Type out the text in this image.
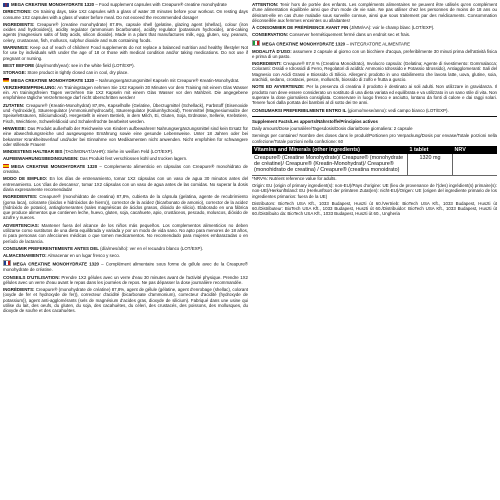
MEGA CREATINE MONOHYDRATE 1320 – Food supplement capsules with Creapure® creatine monohydrate

DIRECTIONS: On training days, take 1X2 capsules with a glass of water 30 minutes before your workout. On resting days consume 1X2 capsules with a glass of water before meal. Do not exceed the recommended dosage!

INGREDIENTS: Creapure® (creatine monohydrate) 87.8%, capsule shell (gelatine, glazing agent (shellac), colour (iron oxides and hydroxides)), acidity regulator (ammonium bicarbonate), acidity regulator (potassium hydroxide), anti-caking agents (magnesium salts of fatty acids, silicon dioxide). Made in a plant that manufactures milk, egg, gluten, soy, peanuts, celery, crustacean, fish, molluscs, sulphur dioxide and nuts containing foods.

WARNINGS: Keep out of reach of children! Food supplements do not replace a balanced nutrition and healthy lifestyle! Not for use by individuals with under the age of 18 or those with medical condition and/or taking medications. Do not use if pregnant or nursing.

BEST BEFORE (day/month/year): see in the white field (LOT/EXP).

STORAGE: Store product in tightly closed can in cool, dry place.

MEGA CREATINE MONOHYDRATE 1320 – Nahrungsergänzungsmittel Kapseln mit Creapure® Kreatin-Monohydrat.

VERZEHREMPFEHLUNG: An Trainingstagen nehmen Sie 1X2 Kapseln 30 Minuten vor dem Training mit einem Glas Wasser ein. An trainingsfreien Tagen verzehren Sie 1X2 Kapseln mit einem Glas Wasser vor den Mahlzeit. Die angegebene empfohlene tägliche Verzehrmenge darf nicht überschritten werden!

ZUTATEN: Creapure® (Kreatin-Monohydrat) 87,8%, Kapselhülle (Gelatine, Überzugmittel (Schellack), Farbstoff (Eisenoxide und -hydroxide)), Säureregulator (Ammoniumhydrocarb), Säureregulator (Kaliumhydroxid), Trennmittel (Magnesiumsalze der Speisefettsäuren, Siliciumdioxid). Hergestellt in einem Betrieb, in dem Milch, Ei, Gluten, Soja, Erdnüsse, Sellerie, Krebstiere, Fisch, Weichtiere, Schwefeldioxid und Schalenfrüchte bearbeitet werden.

HINWEISE: Das Produkt außerhalb der Reichweite von Kindern aufbewahren! Nahrungsergänzungsmittel sind kein Ersatz für eine abwechslungsreiche und ausgewogene Ernährung sowie eine gesunde Lebensweise. Unter 18 Jahren oder bei bekannter Krankheitsverlauf und/oder bei Einnahme von Medikamenten nicht anwenden. Nicht empfohlen für schwangere oder stillende Frauen!

MINDESTENS HALTBAR BIS (TAG/MONAT/JAHR): Siehe im weißen Feld (LOT/EXP).

AUFBEWAHRUNGSBEDINGUNGEN: Das Produkt fest verschlossen kühl und trocken lagern.

MEGA CREATINE MONOHYDRATE 1320 – Complemento alimenticio en cápsulas con Creapure® monohidrato de creatina.

MODO DE EMPLEO: En los días de entrenamiento, tomar 1X2 cápsulas con un vaso de agua 30 minutos antes del entrenamiento. Los ‘días de descanso’, tomar 1X2 cápsulas con un vaso de agua antes de las comidas. No superar la dosis diaria expresamente recomendada!

INGREDIENTES: Creapure® (monohidrato de creatina) 87,8%, cubierta de la cápsula (gelatina, agente de recubrimiento (goma laca), colorante (óxidos e hidróxidos de hierro)), corrector de la acidez (bicarbonato de amonio), corrector de la acidez (hidróxido de potasio), antiaglomerantes (sales magnésicas de ácidos grasos, dióxido de silicio). Elaborado en una fábrica que produce alimentos que contienen leche, huevo, gluten, soja, cacahuete, apio, crustáceos, pescado, moluscos, dióxido de azufre y nueces.

ADVERTENCIAS: Mantener fuera del alcance de los niños más pequeños. Los complementos alimenticios no deben utilizarse como sustitutos de una dieta equilibrada y variada y por un modo de vida sano. No apto para menores de 18 años, ni para personas con afecciones médicas o que tomen medicamentos. No recomendado para mujeres embarazadas o en período de lactancia.

CONSUMIR PREFERENTEMENTE ANTES DEL (día/mes/año): ver en el recuadro blanco (LOT/EXP).

ALMACENAMIENTO: Almacenar en un lugar fresco y seco.

MEGA CREATINE MONOHYDRATE 1320 – Complément alimentaire sous forme de gélule avec de la Creapure® monohydrate de créatine.

CONSEILS D'UTILISATION: Prendre 1X2 gélules avec un verre d'eau 30 minutes avant de l'activité physique. Prendre 1X2 gélules avec un verre d'eau avant le repas dans les journées de repos. Ne pas dépasser la dose journalière recommandée.

INGRÉDIENTS: Creapure® (monohydrate de créatine) 87,8%, agent de gélule (gélatine, agent d'enrobage (shellac), colorant (oxyde de fer et hydroxyde de fer)), correcteur d'acidité (bicarbonate d'ammonium), correcteur d'acidité (hydroxyde de potassium)), agent anti-agglomérants (sels de magnésium d'acides gras, dioxyde de silicium). Fabriqué dans une usine qui utilise du lait, des oeufs, du gluten, du soja, des cacahuètes, du céleri, des crustacés, des poissons, des mollusques, du dioxyde de soufre et des cacahuètes.

ATTENTION: Tenir hors de portée des enfants. Les compléments alimentaires ne peuvent être utilisés qu'en complément d'une alimentation équilibrée ainsi que d'un mode de vie sain. Ne pas utiliser chez les personnes de moins de 18 ans ou désirant-elle en cas d'une maladie sous surveille connue, ainsi que sous traitement par des médicaments. Consommation déconseillée aux femmes enceintes ou allaitantes!

À CONSOMMER DE PRÉFÉRENCE AVANT FIN (J/MM/AA): voir le champ blanc (LOT/EXP).

CONSERVATION: Conserver hermétiquement fermé dans un endroit sec et frais.

MEGA CREATINE MONOHYDRATE 1320 – INTEGRATORE ALIMENTARE

MODALITÀ D'USO: assumere 2 capsule al giorno con un bicchiere d'acqua, preferibilmente 30 minuti prima dell'attività fisica e prima di un pasto.

INGREDIENTI: Creapure® 87,8 % (Creatina Monoidrato), Involucro capsula: (Gelatina; Agente di rivestimento: Gommalacca; Coloranti: Ossidi e Idrossidi di Ferro, Regolatori di acidità: Ammonio Idrossido e Potassio Idrossido), Antiagglomeranti: Sali del Magnesio con Acidi Grassi e Biossido di Silicio. Allergeni: prodotto in uno stabilimento che lavora latte, uova, glutine, soia, arachidi, sedano, crostacei, pesce, molluschi, biossido di zolfo e frutta a guscio.

NOTE ED AVVERTENZE: Per la presenza di creatina il prodotto è destinato ai soli adulti. Non utilizzare in gravidanza. Il prodotto non deve essere considerato un sostituto di una dieta variata ed equilibrata e va utilizzato in un sano stile di vita. Non superare la dose giornaliera consigliata. Conservare in luogo fresco e asciutto, lontano da fonti di calore e dai raggi solari. Tenere fuori dalla portata dei bambini al di sotto dei tre anni.

CONSUMARSI PREFERIBILMENTE ENTRO IL (giorno/mese/anno): vedi campo bianco (LOT/EXP).

Supplement Facts/Les apports/Nährstoffe/Principios activos

Daily amount/Dose journalière/Tagesdosis/Dosis diaria/Dose giornaliera: 2 capsule

Servings per container/ Nombre des doses dans le produit/Portionen pro Verpackung/Dosis por envase/Totale porzioni nella confezione/Totale porzioni nella confezione: 60

Vitamins and Minerals (other ingredients)	1 tablet	NRV
Creapure® (Creatine Monohydrate)/ Creapure® (monohydrate de créatine)/ Creapure® (Kreatin-Monohydrat)/ Creapure® (monohidrato de creatina) / Creapure® (creatina monoidrato)	1320 mg	

*NRV%: Nutrient reference value for adults.

Origin: EU (origin of primary ingredient(s): non-EU)/Pays d'origine: UE (lieu de provenance de l'(des) ingrédient(s) primaire(s): non-UE)/Herkunftsland: EU (Herkunftsort der primären Zutat(en): nicht-EU)/Origen: UE (origen del ingrediente primario de los ingredientes primarios: fuera de la UE)

Distributors: BioTech USA Kft., 1033 Budapest, Huszti út 60./Vertrieb: BioTech USA Kft., 1033 Budapest, Huszti út 60./Distributeur: BioTech USA Kft., 1033 Budapest, Huszti út 60./Distribuidor: BioTech USA Kft., 1033 Budapest, Huszti út 60./Distribuito da: BioTech USA Kft., 1033 Budapest, Huszti út 60., Ungheria
